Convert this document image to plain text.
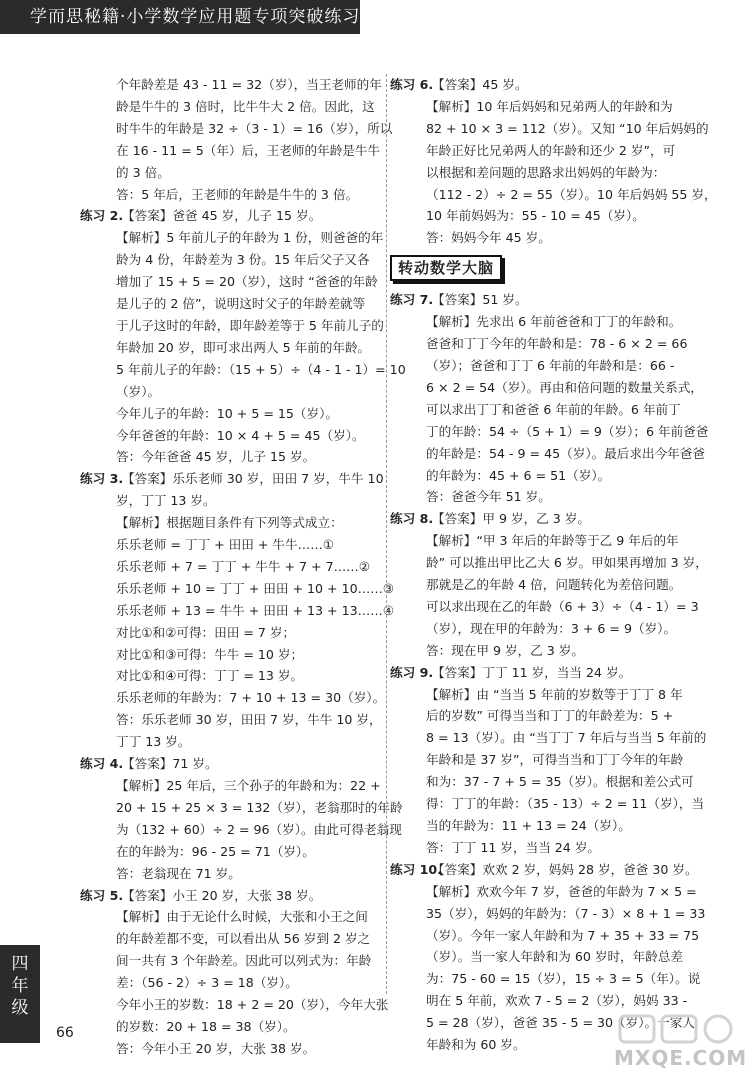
学而思秘籍·小学数学应用题专项突破练习
个年龄差是 43 - 11 = 32（岁），当王老师的年
龄是牛牛的 3 倍时，比牛牛大 2 倍。因此，这
时牛牛的年龄是 32 ÷（3 - 1）= 16（岁），所以
在 16 - 11 = 5（年）后，王老师的年龄是牛牛
的 3 倍。
答：5 年后，王老师的年龄是牛牛的 3 倍。
练习 2.【答案】爸爸 45 岁，儿子 15 岁。
【解析】5 年前儿子的年龄为 1 份，则爸爸的年
龄为 4 份，年龄差为 3 份。15 年后父子又各
增加了 15 + 5 = 20（岁），这时 “爸爸的年龄
是儿子的 2 倍”，说明这时父子的年龄差就等
于儿子这时的年龄，即年龄差等于 5 年前儿子的
年龄加 20 岁，即可求出两人 5 年前的年龄。
5 年前儿子的年龄：（15 + 5）÷（4 - 1 - 1）= 10
（岁）。
今年儿子的年龄：10 + 5 = 15（岁）。
今年爸爸的年龄：10 × 4 + 5 = 45（岁）。
答：今年爸爸 45 岁，儿子 15 岁。
练习 3.【答案】乐乐老师 30 岁，田田 7 岁，牛牛 10
岁，丁丁 13 岁。
【解析】根据题目条件有下列等式成立：
乐乐老师 = 丁丁 + 田田 + 牛牛……①
乐乐老师 + 7 = 丁丁 + 牛牛 + 7 + 7……②
乐乐老师 + 10 = 丁丁 + 田田 + 10 + 10……③
乐乐老师 + 13 = 牛牛 + 田田 + 13 + 13……④
对比①和②可得：田田 = 7 岁；
对比①和③可得：牛牛 = 10 岁；
对比①和④可得：丁丁 = 13 岁。
乐乐老师的年龄为：7 + 10 + 13 = 30（岁）。
答：乐乐老师 30 岁，田田 7 岁，牛牛 10 岁，
丁丁 13 岁。
练习 4.【答案】71 岁。
【解析】25 年后，三个孙子的年龄和为：22 +
20 + 15 + 25 × 3 = 132（岁），老翁那时的年龄
为（132 + 60）÷ 2 = 96（岁）。由此可得老翁现
在的年龄为：96 - 25 = 71（岁）。
答：老翁现在 71 岁。
练习 5.【答案】小王 20 岁，大张 38 岁。
【解析】由于无论什么时候，大张和小王之间
的年龄差都不变，可以看出从 56 岁到 2 岁之
间一共有 3 个年龄差。因此可以列式为：年龄
差：（56 - 2）÷ 3 = 18（岁）。
今年小王的岁数：18 + 2 = 20（岁），今年大张
的岁数：20 + 18 = 38（岁）。
答：今年小王 20 岁，大张 38 岁。
练习 6.【答案】45 岁。
【解析】10 年后妈妈和兄弟两人的年龄和为
82 + 10 × 3 = 112（岁）。又知 “10 年后妈妈的
年龄正好比兄弟两人的年龄和还少 2 岁”，可
以根据和差问题的思路求出妈妈的年龄为：
（112 - 2）÷ 2 = 55（岁）。10 年后妈妈 55 岁，
10 年前妈妈为：55 - 10 = 45（岁）。
答：妈妈今年 45 岁。
转动数学大脑
练习 7.【答案】51 岁。
【解析】先求出 6 年前爸爸和丁丁的年龄和。
爸爸和丁丁今年的年龄和是：78 - 6 × 2 = 66
（岁）；爸爸和丁丁 6 年前的年龄和是：66 -
6 × 2 = 54（岁）。再由和倍问题的数量关系式，
可以求出丁丁和爸爸 6 年前的年龄。6 年前丁
丁的年龄：54 ÷（5 + 1）= 9（岁）；6 年前爸爸
的年龄是：54 - 9 = 45（岁）。最后求出今年爸爸
的年龄为：45 + 6 = 51（岁）。
答：爸爸今年 51 岁。
练习 8.【答案】甲 9 岁，乙 3 岁。
【解析】“甲 3 年后的年龄等于乙 9 年后的年
龄” 可以推出甲比乙大 6 岁。甲如果再增加 3 岁，
那就是乙的年龄 4 倍，问题转化为差倍问题。
可以求出现在乙的年龄（6 + 3）÷（4 - 1）= 3
（岁），现在甲的年龄为：3 + 6 = 9（岁）。
答：现在甲 9 岁，乙 3 岁。
练习 9.【答案】丁丁 11 岁，当当 24 岁。
【解析】由 “当当 5 年前的岁数等于丁丁 8 年
后的岁数” 可得当当和丁丁的年龄差为：5 +
8 = 13（岁）。由 “当丁丁 7 年后与当当 5 年前的
年龄和是 37 岁”，可得当当和丁丁今年的年龄
和为：37 - 7 + 5 = 35（岁）。根据和差公式可
得：丁丁的年龄：（35 - 13）÷ 2 = 11（岁），当
当的年龄为：11 + 13 = 24（岁）。
答：丁丁 11 岁，当当 24 岁。
练习 10.【答案】欢欢 2 岁，妈妈 28 岁，爸爸 30 岁。
【解析】欢欢今年 7 岁，爸爸的年龄为 7 × 5 =
35（岁），妈妈的年龄为：（7 - 3）× 8 + 1 = 33
（岁）。今年一家人年龄和为 7 + 35 + 33 = 75
（岁）。当一家人年龄和为 60 岁时，年龄总差
为：75 - 60 = 15（岁），15 ÷ 3 = 5（年）。说
明在 5 年前，欢欢 7 - 5 = 2（岁），妈妈 33 -
5 = 28（岁），爸爸 35 - 5 = 30（岁）。一家人
年龄和为 60 岁。
四
年
级
66
MXQE.COM
